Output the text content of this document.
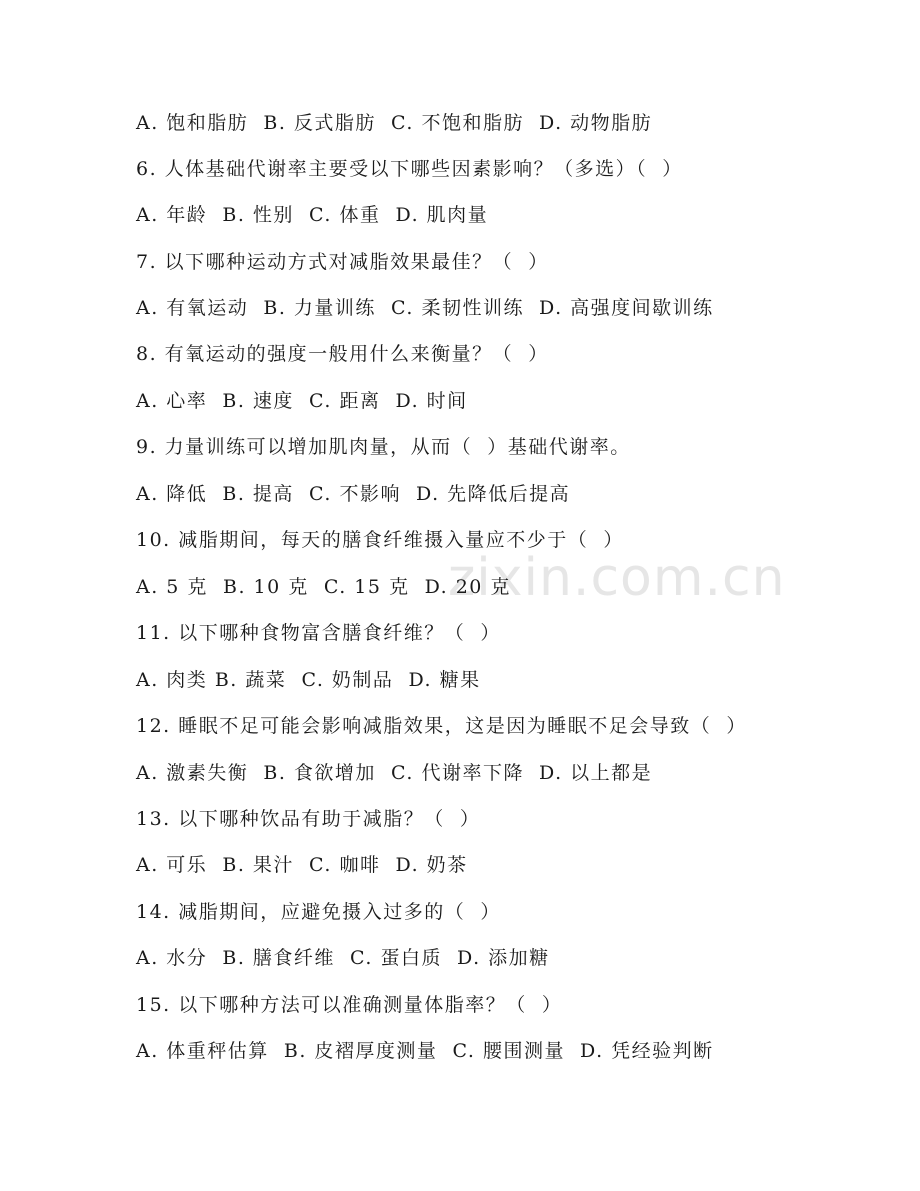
zixin.com.cn
A. 饱和脂肪  B. 反式脂肪  C. 不饱和脂肪  D. 动物脂肪
6. 人体基础代谢率主要受以下哪些因素影响？（多选）（  ）
A. 年龄  B. 性别  C. 体重  D. 肌肉量
7. 以下哪种运动方式对减脂效果最佳？（  ）
A. 有氧运动  B. 力量训练  C. 柔韧性训练  D. 高强度间歇训练
8. 有氧运动的强度一般用什么来衡量？（  ）
A. 心率  B. 速度  C. 距离  D. 时间
9. 力量训练可以增加肌肉量，从而（  ）基础代谢率。
A. 降低  B. 提高  C. 不影响  D. 先降低后提高
10. 减脂期间，每天的膳食纤维摄入量应不少于（  ）
A. 5 克  B. 10 克  C. 15 克  D. 20 克
11. 以下哪种食物富含膳食纤维？（  ）
A. 肉类 B. 蔬菜  C. 奶制品  D. 糖果
12. 睡眠不足可能会影响减脂效果，这是因为睡眠不足会导致（  ）
A. 激素失衡  B. 食欲增加  C. 代谢率下降  D. 以上都是
13. 以下哪种饮品有助于减脂？（  ）
A. 可乐  B. 果汁  C. 咖啡  D. 奶茶
14. 减脂期间，应避免摄入过多的（  ）
A. 水分  B. 膳食纤维  C. 蛋白质  D. 添加糖
15. 以下哪种方法可以准确测量体脂率？（  ）
A. 体重秤估算  B. 皮褶厚度测量  C. 腰围测量  D. 凭经验判断
